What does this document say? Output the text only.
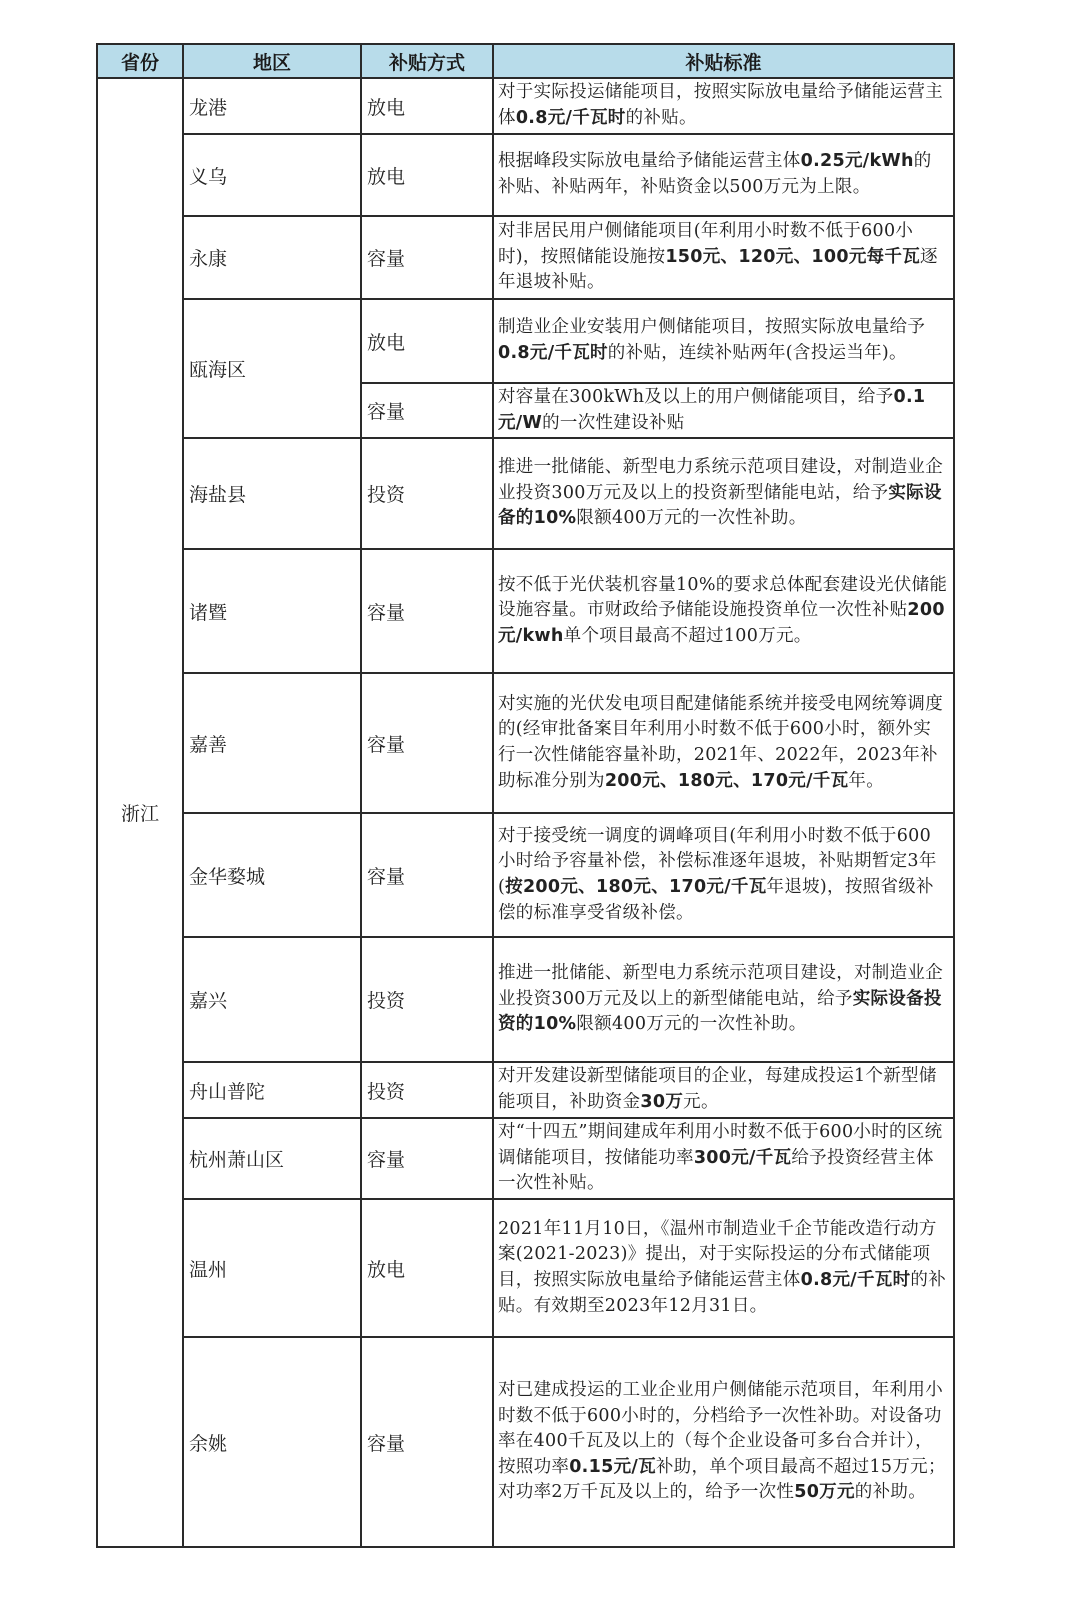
省份	地区	补贴方式	补贴标准
浙江	龙港	放电	对于实际投运储能项目，按照实际放电量给予储能运营主体0.8元/千瓦时的补贴。
	义乌	放电	根据峰段实际放电量给予储能运营主体0.25元/kWh的补贴、补贴两年，补贴资金以500万元为上限。
	永康	容量	对非居民用户侧储能项目(年利用小时数不低于600小时)，按照储能设施按150元、120元、100元每千瓦逐年退坡补贴。
	瓯海区	放电	制造业企业安装用户侧储能项目，按照实际放电量给予0.8元/千瓦时的补贴，连续补贴两年(含投运当年)。
		容量	对容量在300kWh及以上的用户侧储能项目，给予0.1元/W的一次性建设补贴
	海盐县	投资	推进一批储能、新型电力系统示范项目建设，对制造业企业投资300万元及以上的投资新型储能电站，给予实际设备的10%限额400万元的一次性补助。
	诸暨	容量	按不低于光伏装机容量10%的要求总体配套建设光伏储能设施容量。市财政给予储能设施投资单位一次性补贴200元/kwh单个项目最高不超过100万元。
	嘉善	容量	对实施的光伏发电项目配建储能系统并接受电网统筹调度的(经审批备案目年利用小时数不低于600小时，额外实行一次性储能容量补助，2021年、2022年，2023年补助标准分别为200元、180元、170元/千瓦年。
	金华婺城	容量	对于接受统一调度的调峰项目(年利用小时数不低于600小时给予容量补偿，补偿标准逐年退坡，补贴期暂定3年(按200元、180元、170元/千瓦年退坡)，按照省级补偿的标准享受省级补偿。
	嘉兴	投资	推进一批储能、新型电力系统示范项目建设，对制造业企业投资300万元及以上的新型储能电站，给予实际设备投资的10%限额400万元的一次性补助。
	舟山普陀	投资	对开发建设新型储能项目的企业，每建成投运1个新型储能项目，补助资金30万元。
	杭州萧山区	容量	对“十四五”期间建成年利用小时数不低于600小时的区统调储能项目，按储能功率300元/千瓦给予投资经营主体一次性补贴。
	温州	放电	2021年11月10日，《温州市制造业千企节能改造行动方案(2021-2023)》提出，对于实际投运的分布式储能项目，按照实际放电量给予储能运营主体0.8元/千瓦时的补贴。有效期至2023年12月31日。
	余姚	容量	对已建成投运的工业企业用户侧储能示范项目，年利用小时数不低于600小时的，分档给予一次性补助。对设备功率在400千瓦及以上的（每个企业设备可多台合并计），按照功率0.15元/瓦补助，单个项目最高不超过15万元；对功率2万千瓦及以上的，给予一次性50万元的补助。
